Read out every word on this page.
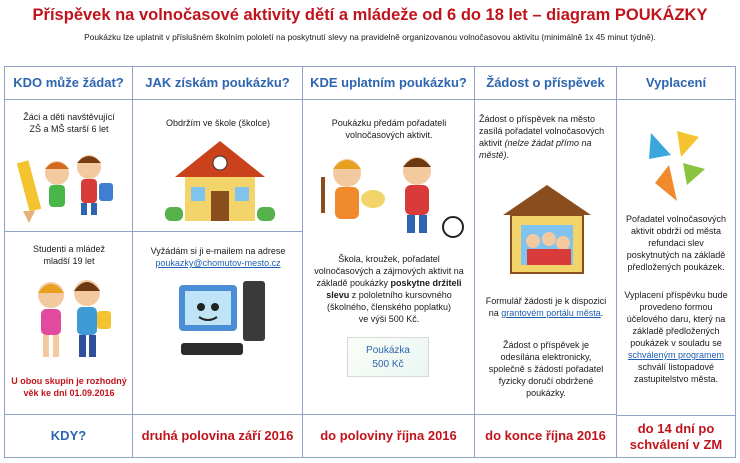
Příspěvek na volnočasové aktivity dětí a mládeže od 6 do 18 let – diagram POUKÁZKY
Poukázku lze uplatnit v příslušném školním pololetí na poskytnutí slevy na pravidelně organizovanou volnočasovou aktivitu (minimálně 1x 45 minut týdně).
KDO může žádat?
Žáci a děti navštěvující
ZŠ a MŠ starší 6 let
Studenti a mládež
mladší 19 let
U obou skupin je rozhodný
věk ke dni 01.09.2016
KDY?
JAK získám poukázku?
Obdržím ve škole (školce)
Vyžádám si ji e-mailem na adrese
poukazky@chomutov-mesto.cz
druhá polovina září 2016
KDE uplatním poukázku?
Poukázku předám pořadateli
volnočasových aktivit.
Škola, kroužek, pořadatel
volnočasových a zájmových aktivit na
základě poukázky poskytne držiteli
slevu z pololetního kursovného
(školného, členského poplatku)
ve výši 500 Kč.
Poukázka
500 Kč
do poloviny října 2016
Žádost o příspěvek
Žádost o příspěvek na město
zasílá pořadatel volnočasových
aktivit (nelze žádat přímo na
městě).
Formulář žádosti je k dispozici
na grantovém portálu města.
Žádost o příspěvek je
odesílána elektronicky,
společně s žádostí pořadatel
fyzicky doručí obdržené
poukázky.
do konce října 2016
Vyplacení
Pořadatel volnočasových
aktivit obdrží od města
refundaci slev
poskytnutých na základě
předložených poukázek.
Vyplacení příspěvku bude
provedeno formou
účelového daru, který na
základě předložených
poukázek v souladu se
schváleným programem
schválí listopadové
zastupitelstvo města.
do 14 dní po
schválení v ZM
